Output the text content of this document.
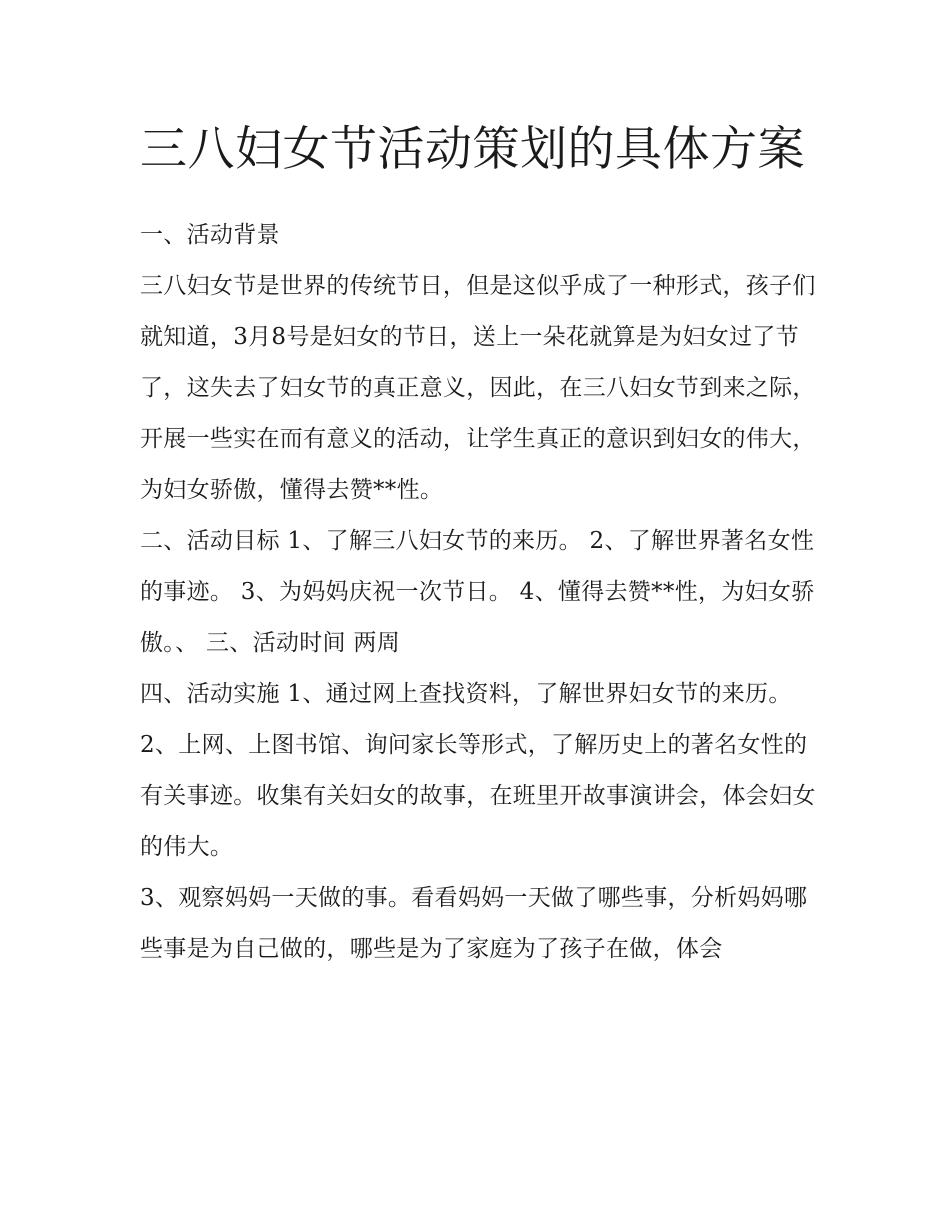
三八妇女节活动策划的具体方案

一、活动背景

三八妇女节是世界的传统节日，但是这似乎成了一种形式，孩子们就知道，3月8号是妇女的节日，送上一朵花就算是为妇女过了节了，这失去了妇女节的真正意义，因此，在三八妇女节到来之际，开展一些实在而有意义的活动，让学生真正的意识到妇女的伟大，为妇女骄傲，懂得去赞**性。

二、活动目标 1、了解三八妇女节的来历。 2、了解世界著名女性的事迹。 3、为妈妈庆祝一次节日。 4、懂得去赞**性，为妇女骄傲。、 三、活动时间 两周

四、活动实施 1、通过网上查找资料，了解世界妇女节的来历。

2、上网、上图书馆、询问家长等形式，了解历史上的著名女性的有关事迹。收集有关妇女的故事，在班里开故事演讲会，体会妇女的伟大。

3、观察妈妈一天做的事。看看妈妈一天做了哪些事，分析妈妈哪些事是为自己做的，哪些是为了家庭为了孩子在做，体会
